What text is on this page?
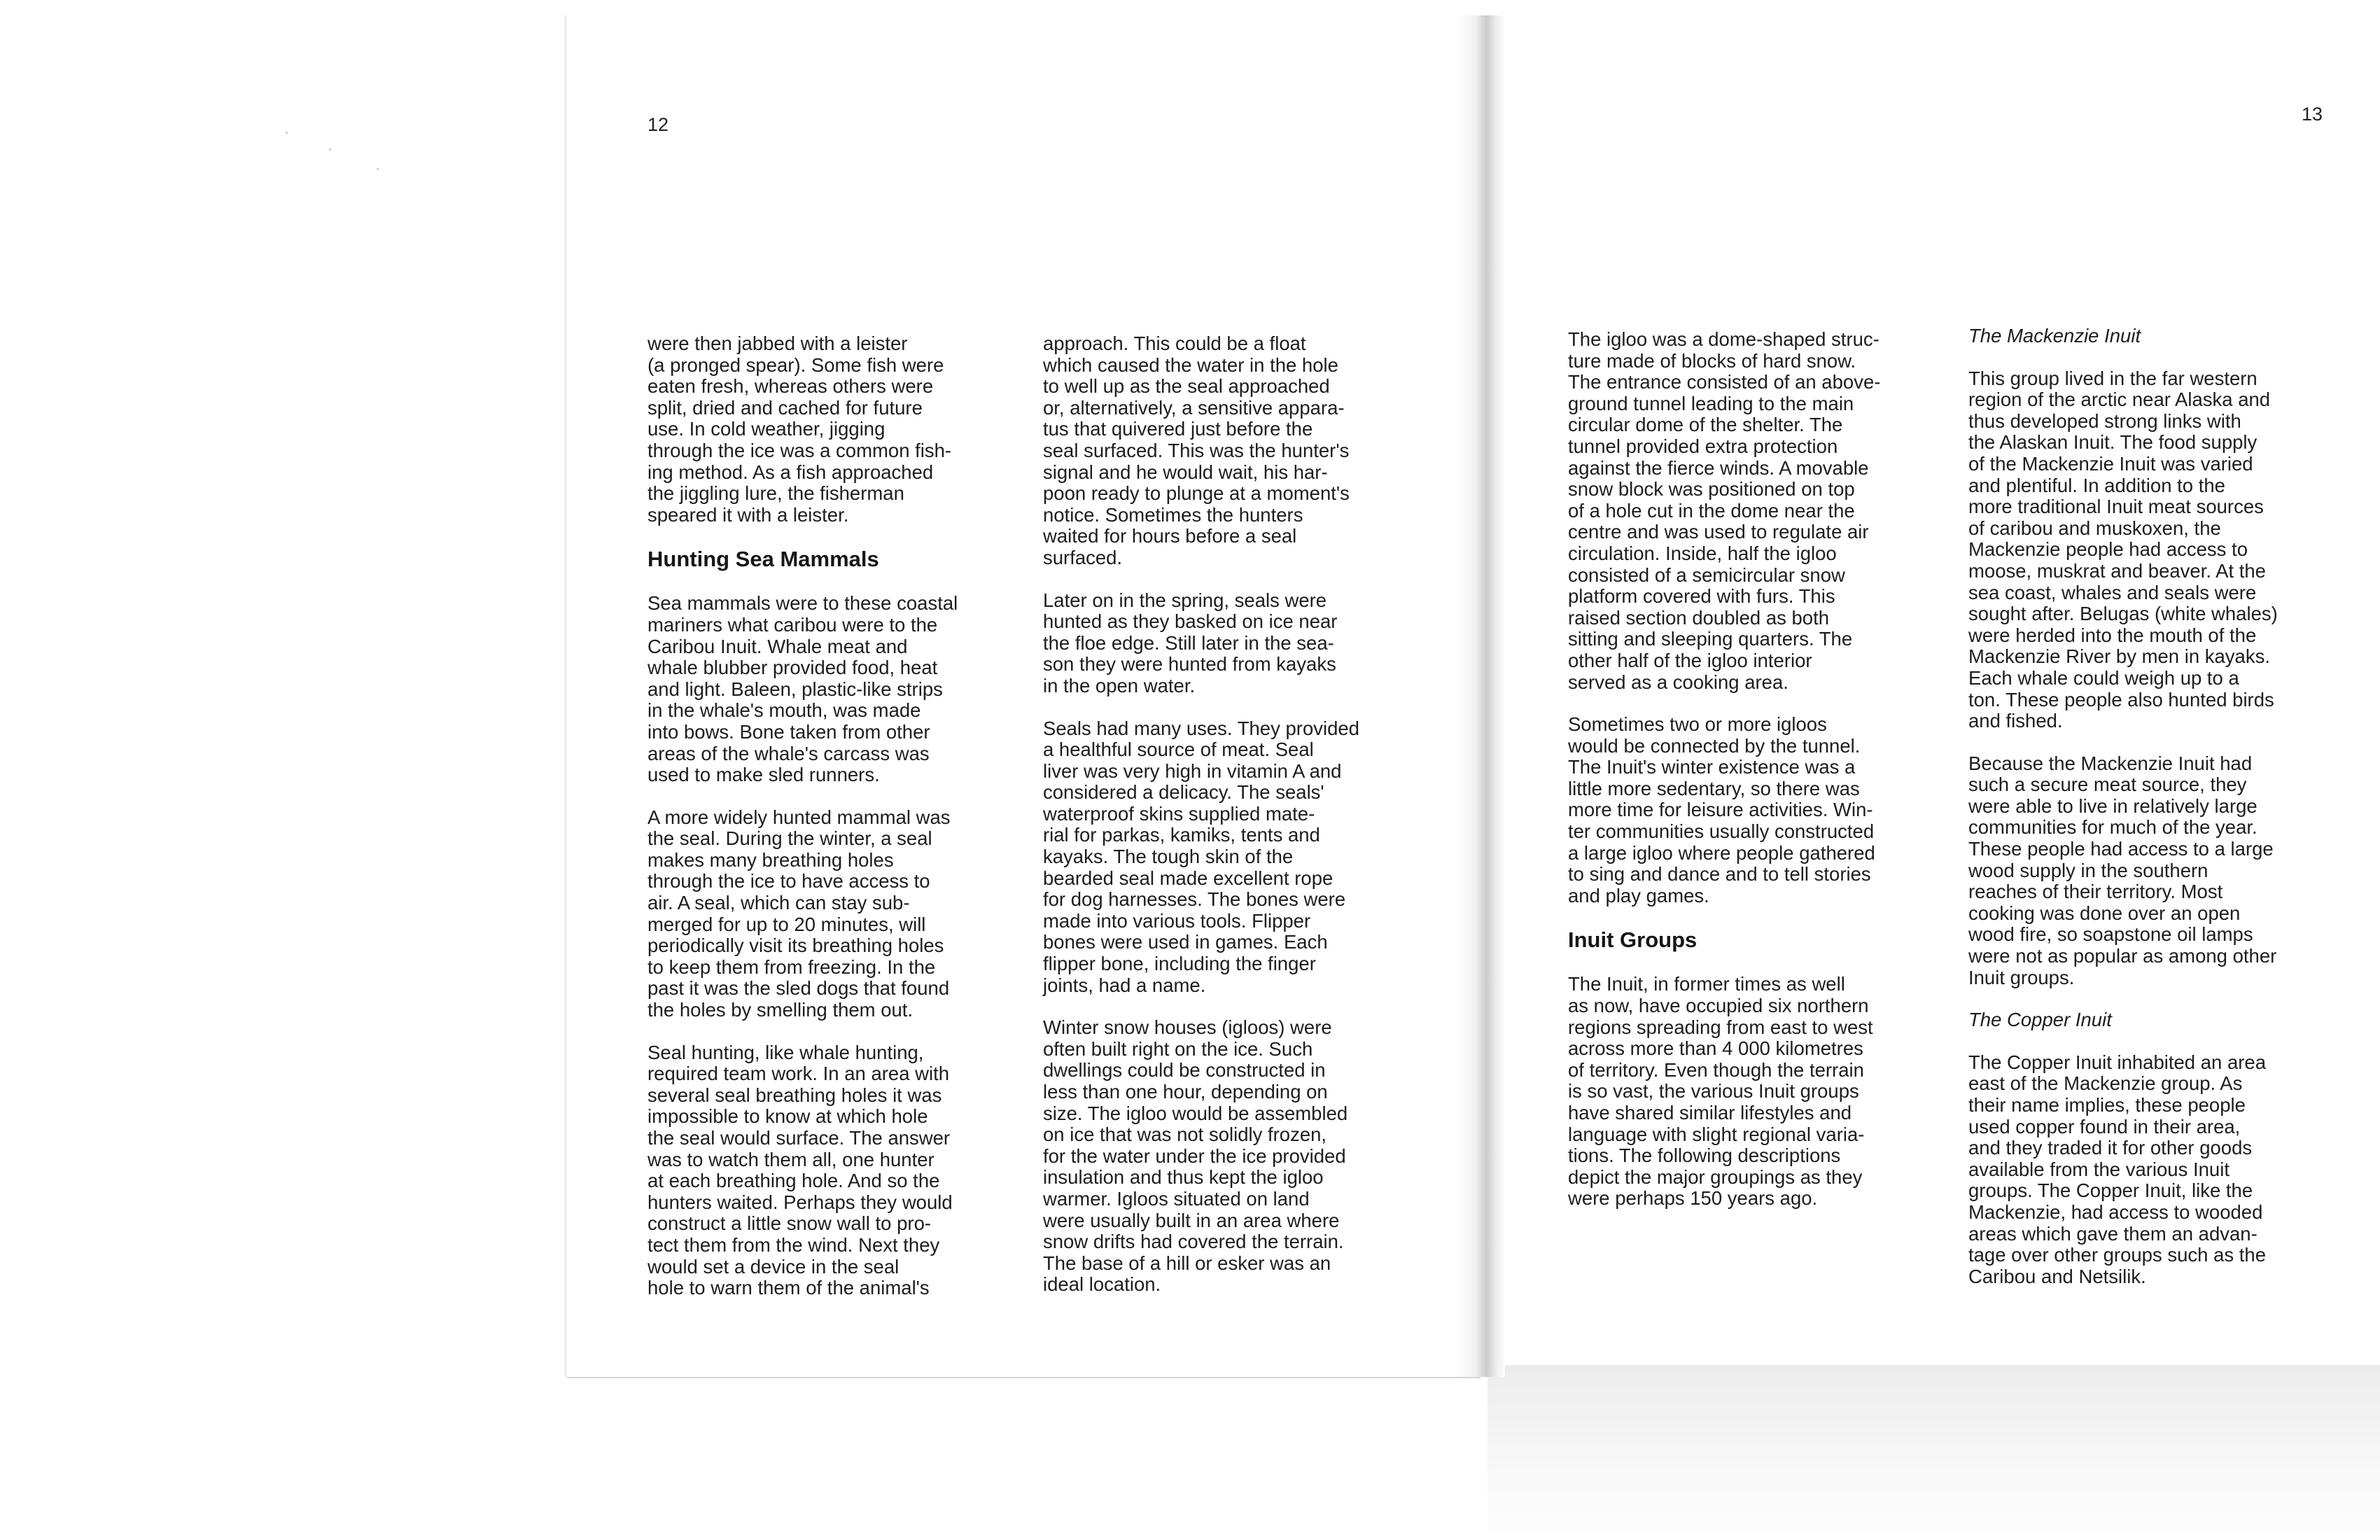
12

were then jabbed with a leister
(a pronged spear). Some fish were
eaten fresh, whereas others were
split, dried and cached for future
use. In cold weather, jigging
through the ice was a common fish-
ing method. As a fish approached
the jiggling lure, the fisherman
speared it with a leister.

Hunting Sea Mammals

Sea mammals were to these coastal
mariners what caribou were to the
Caribou Inuit. Whale meat and
whale blubber provided food, heat
and light. Baleen, plastic-like strips
in the whale's mouth, was made
into bows. Bone taken from other
areas of the whale's carcass was
used to make sled runners.

A more widely hunted mammal was
the seal. During the winter, a seal
makes many breathing holes
through the ice to have access to
air. A seal, which can stay sub-
merged for up to 20 minutes, will
periodically visit its breathing holes
to keep them from freezing. In the
past it was the sled dogs that found
the holes by smelling them out.

Seal hunting, like whale hunting,
required team work. In an area with
several seal breathing holes it was
impossible to know at which hole
the seal would surface. The answer
was to watch them all, one hunter
at each breathing hole. And so the
hunters waited. Perhaps they would
construct a little snow wall to pro-
tect them from the wind. Next they
would set a device in the seal
hole to warn them of the animal's

approach. This could be a float
which caused the water in the hole
to well up as the seal approached
or, alternatively, a sensitive appara-
tus that quivered just before the
seal surfaced. This was the hunter's
signal and he would wait, his har-
poon ready to plunge at a moment's
notice. Sometimes the hunters
waited for hours before a seal
surfaced.

Later on in the spring, seals were
hunted as they basked on ice near
the floe edge. Still later in the sea-
son they were hunted from kayaks
in the open water.

Seals had many uses. They provided
a healthful source of meat. Seal
liver was very high in vitamin A and
considered a delicacy. The seals'
waterproof skins supplied mate-
rial for parkas, kamiks, tents and
kayaks. The tough skin of the
bearded seal made excellent rope
for dog harnesses. The bones were
made into various tools. Flipper
bones were used in games. Each
flipper bone, including the finger
joints, had a name.

Winter snow houses (igloos) were
often built right on the ice. Such
dwellings could be constructed in
less than one hour, depending on
size. The igloo would be assembled
on ice that was not solidly frozen,
for the water under the ice provided
insulation and thus kept the igloo
warmer. Igloos situated on land
were usually built in an area where
snow drifts had covered the terrain.
The base of a hill or esker was an
ideal location.

13

The igloo was a dome-shaped struc-
ture made of blocks of hard snow.
The entrance consisted of an above-
ground tunnel leading to the main
circular dome of the shelter. The
tunnel provided extra protection
against the fierce winds. A movable
snow block was positioned on top
of a hole cut in the dome near the
centre and was used to regulate air
circulation. Inside, half the igloo
consisted of a semicircular snow
platform covered with furs. This
raised section doubled as both
sitting and sleeping quarters. The
other half of the igloo interior
served as a cooking area.

Sometimes two or more igloos
would be connected by the tunnel.
The Inuit's winter existence was a
little more sedentary, so there was
more time for leisure activities. Win-
ter communities usually constructed
a large igloo where people gathered
to sing and dance and to tell stories
and play games.

Inuit Groups

The Inuit, in former times as well
as now, have occupied six northern
regions spreading from east to west
across more than 4 000 kilometres
of territory. Even though the terrain
is so vast, the various Inuit groups
have shared similar lifestyles and
language with slight regional varia-
tions. The following descriptions
depict the major groupings as they
were perhaps 150 years ago.

The Mackenzie Inuit

This group lived in the far western
region of the arctic near Alaska and
thus developed strong links with
the Alaskan Inuit. The food supply
of the Mackenzie Inuit was varied
and plentiful. In addition to the
more traditional Inuit meat sources
of caribou and muskoxen, the
Mackenzie people had access to
moose, muskrat and beaver. At the
sea coast, whales and seals were
sought after. Belugas (white whales)
were herded into the mouth of the
Mackenzie River by men in kayaks.
Each whale could weigh up to a
ton. These people also hunted birds
and fished.

Because the Mackenzie Inuit had
such a secure meat source, they
were able to live in relatively large
communities for much of the year.
These people had access to a large
wood supply in the southern
reaches of their territory. Most
cooking was done over an open
wood fire, so soapstone oil lamps
were not as popular as among other
Inuit groups.

The Copper Inuit

The Copper Inuit inhabited an area
east of the Mackenzie group. As
their name implies, these people
used copper found in their area,
and they traded it for other goods
available from the various Inuit
groups. The Copper Inuit, like the
Mackenzie, had access to wooded
areas which gave them an advan-
tage over other groups such as the
Caribou and Netsilik.
